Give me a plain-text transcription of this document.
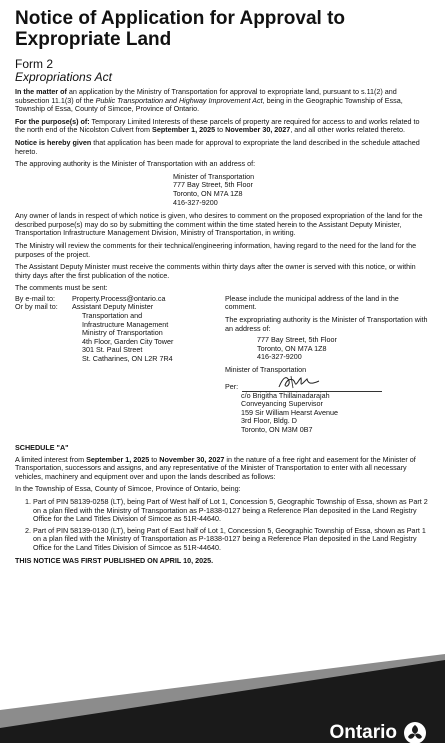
Notice of Application for Approval to Expropriate Land
Form 2
Expropriations Act

In the matter of an application by the Ministry of Transportation for approval to expropriate land, pursuant to s.11(2) and subsection 11.1(3) of the Public Transportation and Highway Improvement Act, being in the Geographic Township of Essa, Township of Essa, County of Simcoe, Province of Ontario.

For the purpose(s) of: Temporary Limited Interests of these parcels of property are required for access to and works related to the north end of the Nicolston Culvert from September 1, 2025 to November 30, 2027, and all other works related thereto.

Notice is hereby given that application has been made for approval to expropriate the land described in the schedule attached hereto.

The approving authority is the Minister of Transportation with an address of:

Minister of Transportation
777 Bay Street, 5th Floor
Toronto, ON M7A 1Z8
416-327-9200

Any owner of lands in respect of which notice is given, who desires to comment on the proposed expropriation of the land for the described purpose(s) may do so by submitting the comment within the time stated herein to the Assistant Deputy Minister, Transportation Infrastructure Management Division, Ministry of Transportation, in writing.

The Ministry will review the comments for their technical/engineering information, having regard to the need for the land for the purposes of the project.

The Assistant Deputy Minister must receive the comments within thirty days after the owner is served with this notice, or within thirty days after the first publication of the notice.

The comments must be sent:

By e-mail to:	Property.Process@ontario.ca
Or by mail to:	Assistant Deputy Minister
Transportation and
Infrastructure Management
Ministry of Transportation
4th Floor, Garden City Tower
301 St. Paul Street
St. Catharines, ON L2R 7R4
Please include the municipal address of the land in the comment.
The expropriating authority is the Minister of Transportation with an address of:
777 Bay Street, 5th Floor
Toronto, ON M7A 1Z8
416-327-9200
Minister of Transportation
Per:
c/o Brigitha Thillainadarajah
Conveyancing Supervisor
159 Sir William Hearst Avenue
3rd Floor, Bldg. D
Toronto, ON M3M 0B7
SCHEDULE "A"

A limited interest from September 1, 2025 to November 30, 2027 in the nature of a free right and easement for the Minister of Transportation, successors and assigns, and any representative of the Minister of Transportation to enter with all necessary vehicles, machinery and equipment over and upon the lands described as follows:

In the Township of Essa, County of Simcoe, Province of Ontario, being:

1. Part of PIN 58139-0258 (LT), being Part of West half of Lot 1, Concession 5, Geographic Township of Essa, shown as Part 2 on a plan filed with the Ministry of Transportation as P-1838-0127 being a Reference Plan deposited in the Land Registry Office for the Land Titles Division of Simcoe as 51R-44640.
2. Part of PIN 58139-0130 (LT), being Part of East half of Lot 1, Concession 5, Geographic Township of Essa, shown as Part 1 on a plan filed with the Ministry of Transportation as P-1838-0127 being a Reference Plan deposited in the Land Registry Office for the Land Titles Division of Simcoe as 51R-44640.

THIS NOTICE WAS FIRST PUBLISHED ON APRIL 10, 2025.

Ontario
